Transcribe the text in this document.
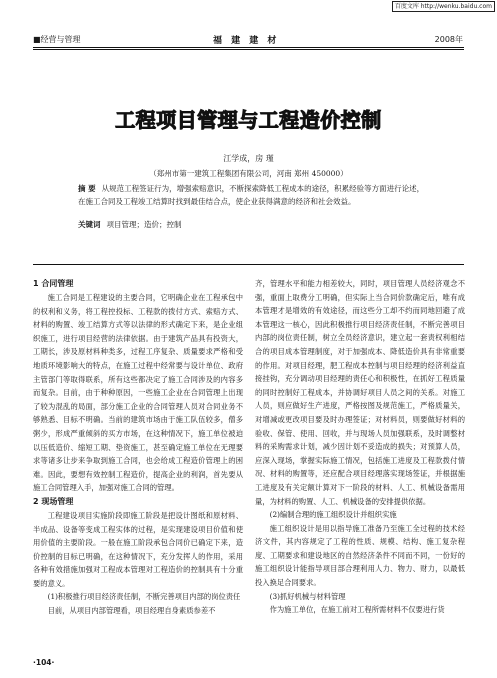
百度文库 http://wenku.baidu.com
■经营与管理	福 建 建 材	2008年
工程项目管理与工程造价控制
江学成，房 瑾
（郑州市第一建筑工程集团有限公司，河南 郑州 450000）
摘 要 从规范工程签证行为，增强索赔意识，不断探索降低工程成本的途径，积累经验等方面进行论述，在施工合同及工程竣工结算时找到最佳结合点，使企业获得满意的经济和社会效益。
关键词 项目管理；造价；控制
1 合同管理

施工合同是工程建设的主要合同，它明确企业在工程承包中的权利和义务，将工程控投标、工程款的拨付方式、索赔方式、材料的购置、竣工结算方式等以法律的形式确定下来，是企业组织施工，进行项目经营的法律依据。由于建筑产品具有投资大，工期长，涉及原材料种类多，过程工序复杂、质量要求严格和受地质环境影响大的特点，在施工过程中经常要与设计单位、政府主管部门等取得联系，所有这些都决定了施工合同涉及的内容多而复杂。目前，由于种种原因，一些施工企业在合同管理上出现了较为混乱的局面，部分施工企业的合同管理人员对合同业务不够熟悉、目标不明确。当前的建筑市场由于施工队伍较多，僧多粥少，形成严重倾斜的买方市场，在这种情况下，施工单位被迫以压低造价、缩短工期、垫资施工，甚至确定施工单位在无理要求等诸多让步来争取到施工合同，也会给成工程造价管理上的困难。因此，要想有效控制工程造价，提高企业的利润，首先要从施工合同管理入手，加强对施工合同的管理。

2 现场管理

工程建设项目实施阶段即施工阶段是把设计图纸和原材料、半成品、设备等变成工程实体的过程，是实现建设项目价值和使用价值的主要阶段。一般在施工阶段承包合同价已确定下来，造价控制的目标已明确，在这种情况下，充分发挥人的作用，采用各种有效措施加强对工程成本管理对工程造价的控制具有十分重要的意义。

(1)积极推行项目经济责任制，不断完善项目内部的岗位责任

目前，从项目内部管理看，项目经理自身素质参差不

齐，管理水平和能力相差较大，同时，项目管理人员经济观念不强，重面上取费分工明确，但实际上当合同价款确定后，唯有成本管理才是增效的有效途径，而这些分工却不约而同地回避了成本管理这一核心，因此积极推行项目经济责任制，不断完善项目内部的岗位责任制，树立全员经济意识，建立起一套责权利相结合的项目成本管理制度，对于加强成本、降低造价具有非常重要的作用。对项目经理，肥工程成本控制与项目经理的经济利益直接挂钩，充分调动项目经理的责任心和积极性，在抓好工程质量的同时控制好工程成本，并协调好项目人员之间的关系。对施工人员，则应做好生产进度，严格按图及规范施工，严格质量关，对增减或更改项目要及时办理签证；对材料员，则要做好材料的验收、保管、使用、回收，并与现场人员加强联系，及时调整材料的采购需求计划，减少因计划不妥造成的损失；对预算人员，应深入现场，掌握实际施工情况，包括施工进度及工程款拨付情况、材料的购置等，还应配合项目经理落实现场签证，并根据施工进度及有关定额计算对下一阶段的材料、人工、机械设备需用量，为材料的购置、人工、机械设备的安排提供依据。

(2)编制合理的施工组织设计并组织实施

施工组织设计是用以指导施工准备乃至施工全过程的技术经济文件，其内容规定了工程的性质、规模、结构、施工复杂程度、工期要求和建设地区的自然经济条件不同而不同，一份好的施工组织设计能指导项目部合理利用人力、物力、财力，以最低投入换足合同要求。

(3)抓好机械与材料管理

作为施工单位，在施工前对工程所需材料不仅要进行货

·104·
